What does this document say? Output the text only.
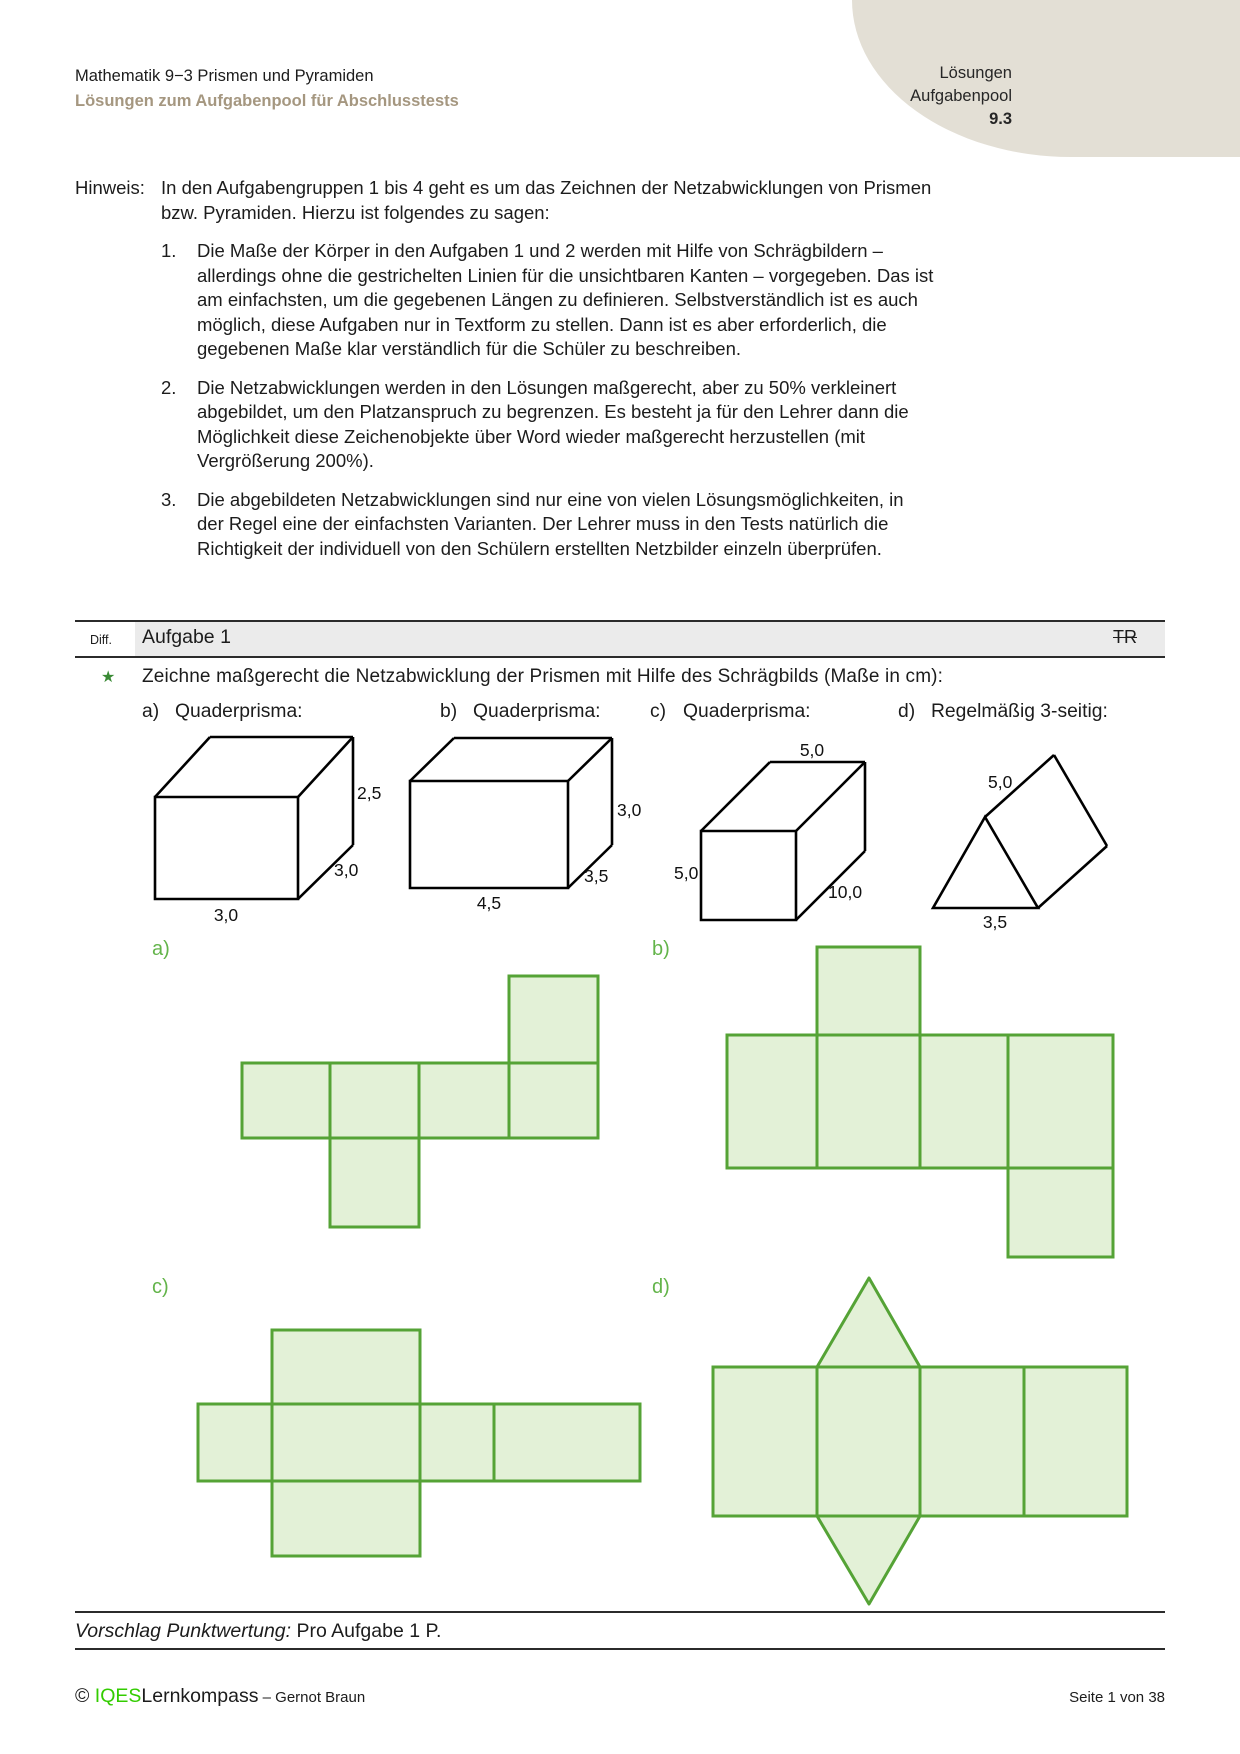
Lösungen
Aufgabenpool
9.3
Mathematik 9−3 Prismen und Pyramiden
Lösungen zum Aufgabenpool für Abschlusstests
Hinweis: In den Aufgabengruppen 1 bis 4 geht es um das Zeichnen der Netzabwicklungen von Prismen
bzw. Pyramiden. Hierzu ist folgendes zu sagen:
1. Die Maße der Körper in den Aufgaben 1 und 2 werden mit Hilfe von Schrägbildern –
allerdings ohne die gestrichelten Linien für die unsichtbaren Kanten – vorgegeben. Das ist
am einfachsten, um die gegebenen Längen zu definieren. Selbstverständlich ist es auch
möglich, diese Aufgaben nur in Textform zu stellen. Dann ist es aber erforderlich, die
gegebenen Maße klar verständlich für die Schüler zu beschreiben.
2. Die Netzabwicklungen werden in den Lösungen maßgerecht, aber zu 50% verkleinert
abgebildet, um den Platzanspruch zu begrenzen. Es besteht ja für den Lehrer dann die
Möglichkeit diese Zeichenobjekte über Word wieder maßgerecht herzustellen (mit
Vergrößerung 200%).
3. Die abgebildeten Netzabwicklungen sind nur eine von vielen Lösungsmöglichkeiten, in
der Regel eine der einfachsten Varianten. Der Lehrer muss in den Tests natürlich die
Richtigkeit der individuell von den Schülern erstellten Netzbilder einzeln überprüfen.
Diff. Aufgabe 1	TR
★ Zeichne maßgerecht die Netzabwicklung der Prismen mit Hilfe des Schrägbilds (Maße in cm):
a) Quaderprisma:	b) Quaderprisma:	c) Quaderprisma:	d) Regelmäßig 3-seitig:
a)	b)
c)	d)
2,5
3,0
3,0
3,0
3,5
4,5
5,0
5,0
10,0
5,0
3,5
Vorschlag Punktwertung: Pro Aufgabe 1 P.
© IQESLernkompass – Gernot Braun	Seite 1 von 38
